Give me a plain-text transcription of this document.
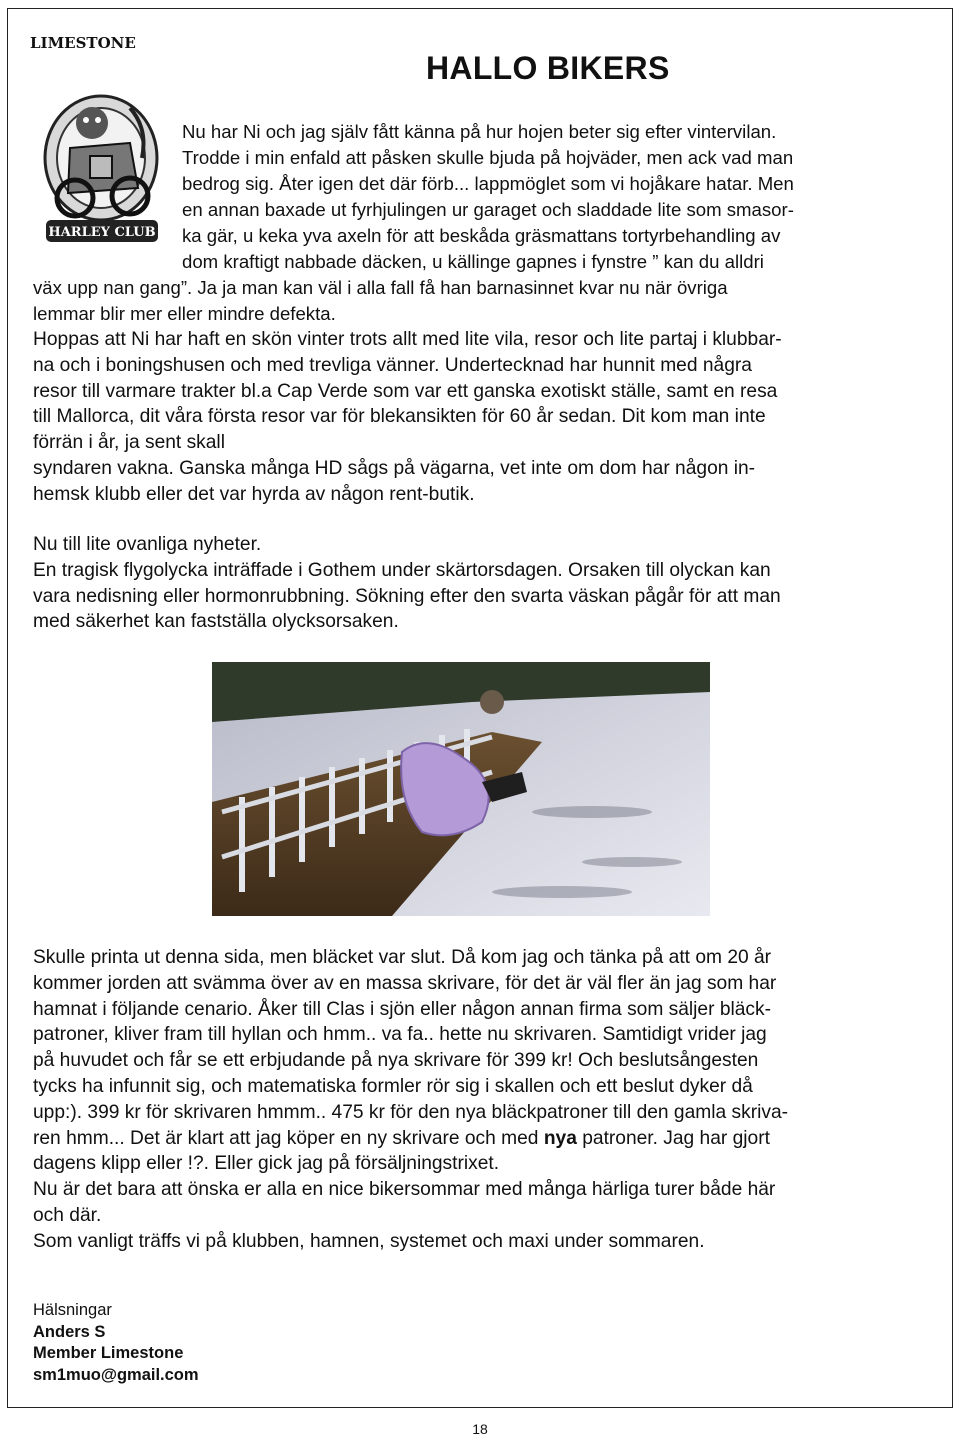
LIMESTONE
HARLEY CLUB
HALLO BIKERS

Nu har Ni och jag själv fått känna på hur hojen beter sig efter vintervilan.
Trodde i min enfald att påsken skulle bjuda på hojväder, men ack vad man
bedrog sig. Åter igen det där förb... lappmöglet som vi hojåkare hatar. Men
en annan baxade ut fyrhjulingen ur garaget och sladdade lite som smasor-
ka gär, u keka yva axeln för att beskåda gräsmattans tortyrbehandling av
dom kraftigt nabbade däcken, u källinge gapnes i fynstre ” kan du alldri

väx upp nan gang”. Ja ja man kan väl i alla fall få han barnasinnet kvar nu när övriga
lemmar blir mer eller mindre defekta.

Hoppas att Ni har haft en skön vinter trots allt med lite vila, resor och lite partaj i klubbar-
na och i boningshusen och med trevliga vänner. Undertecknad har hunnit med några
resor till varmare trakter bl.a Cap Verde som var ett ganska exotiskt ställe, samt en resa
till Mallorca, dit våra första resor var för blekansikten för 60 år sedan. Dit kom man inte
förrän i år, ja sent skall
syndaren vakna. Ganska många HD sågs på vägarna, vet inte om dom har någon in-
hemsk klubb eller det var hyrda av någon rent-butik.

Nu till lite ovanliga nyheter.
En tragisk flygolycka inträffade i Gothem under skärtorsdagen. Orsaken till olyckan kan
vara nedisning eller hormonrubbning. Sökning efter den svarta väskan pågår för att man
med säkerhet kan fastställa olycksorsaken.

Skulle printa ut denna sida, men bläcket var slut. Då kom jag och tänka på att om 20 år
kommer jorden att svämma över av en massa skrivare, för det är väl fler än jag som har
hamnat i följande cenario. Åker till Clas i sjön eller någon annan firma som säljer bläck-
patroner, kliver fram till hyllan och hmm.. va fa.. hette nu skrivaren. Samtidigt vrider jag
på huvudet och får se ett erbjudande på nya skrivare för 399 kr! Och beslutsångesten
tycks ha infunnit sig, och matematiska formler rör sig i skallen och ett beslut dyker då
upp:). 399 kr för skrivaren hmmm.. 475 kr för den nya bläckpatroner till den gamla skriva-
ren hmm... Det är klart att jag köper en ny skrivare och med nya patroner. Jag har gjort
dagens klipp eller !?. Eller gick jag på försäljningstrixet.
Nu är det bara att önska er alla en nice bikersommar med många härliga turer både här
och där.
Som vanligt träffs vi på klubben, hamnen, systemet och maxi under sommaren.

Hälsningar
Anders S
Member Limestone
sm1muo@gmail.com
18
